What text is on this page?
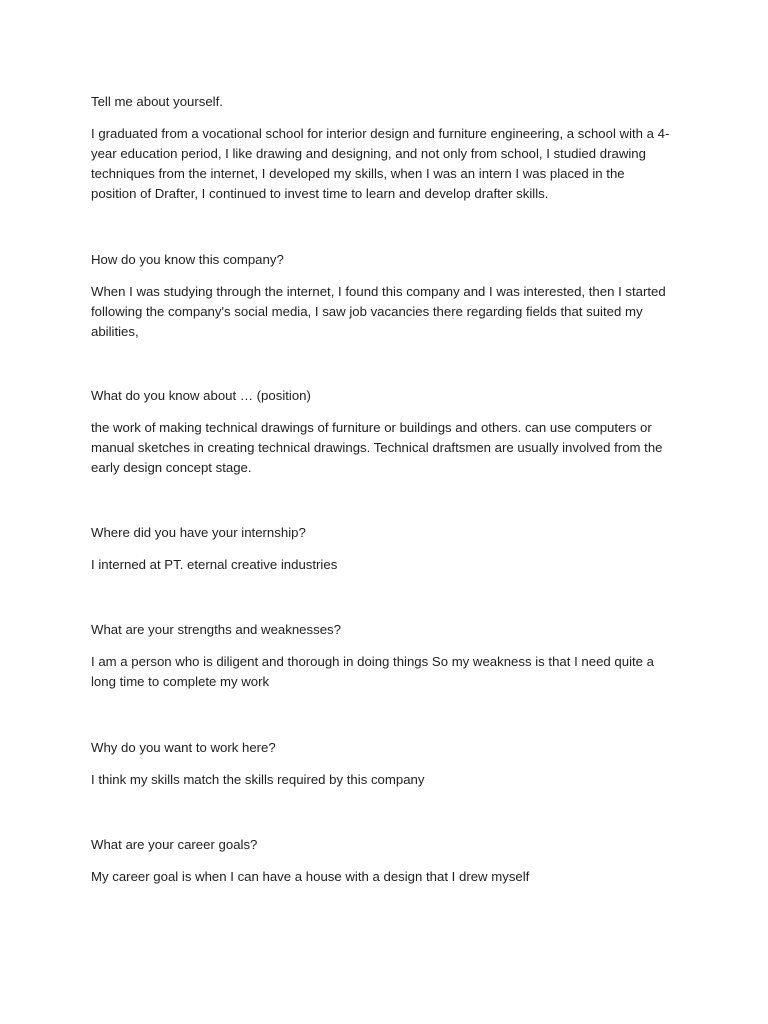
Tell me about yourself.

I graduated from a vocational school for interior design and furniture engineering, a school with a 4-year education period, I like drawing and designing, and not only from school, I studied drawing techniques from the internet, I developed my skills, when I was an intern I was placed in the position of Drafter, I continued to invest time to learn and develop drafter skills.

How do you know this company?

When I was studying through the internet, I found this company and I was interested, then I started following the company's social media, I saw job vacancies there regarding fields that suited my abilities,

What do you know about … (position)

the work of making technical drawings of furniture or buildings and others. can use computers or manual sketches in creating technical drawings. Technical draftsmen are usually involved from the early design concept stage.

Where did you have your internship?

I interned at PT. eternal creative industries

What are your strengths and weaknesses?

I am a person who is diligent and thorough in doing things So my weakness is that I need quite a long time to complete my work

Why do you want to work here?

I think my skills match the skills required by this company

What are your career goals?

My career goal is when I can have a house with a design that I drew myself
